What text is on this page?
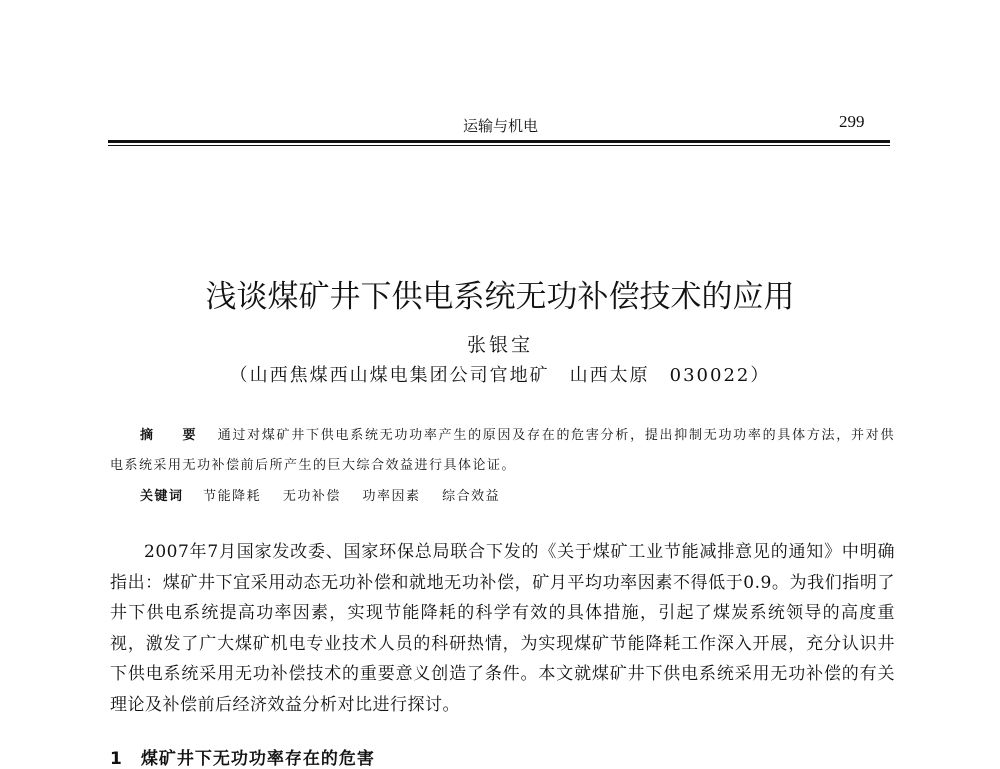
运输与机电	299
浅谈煤矿井下供电系统无功补偿技术的应用
张银宝
（山西焦煤西山煤电集团公司官地矿　山西太原　030022）

摘　要 通过对煤矿井下供电系统无功功率产生的原因及存在的危害分析，提出抑制无功功率的具体方法，并对供电系统采用无功补偿前后所产生的巨大综合效益进行具体论证。

关键词 节能降耗 无功补偿 功率因素 综合效益

2007年7月国家发改委、国家环保总局联合下发的《关于煤矿工业节能减排意见的通知》中明确指出：煤矿井下宜采用动态无功补偿和就地无功补偿，矿月平均功率因素不得低于0.9。为我们指明了井下供电系统提高功率因素，实现节能降耗的科学有效的具体措施，引起了煤炭系统领导的高度重视，激发了广大煤矿机电专业技术人员的科研热情，为实现煤矿节能降耗工作深入开展，充分认识井下供电系统采用无功补偿技术的重要意义创造了条件。本文就煤矿井下供电系统采用无功补偿的有关理论及补偿前后经济效益分析对比进行探讨。

1　煤矿井下无功功率存在的危害
